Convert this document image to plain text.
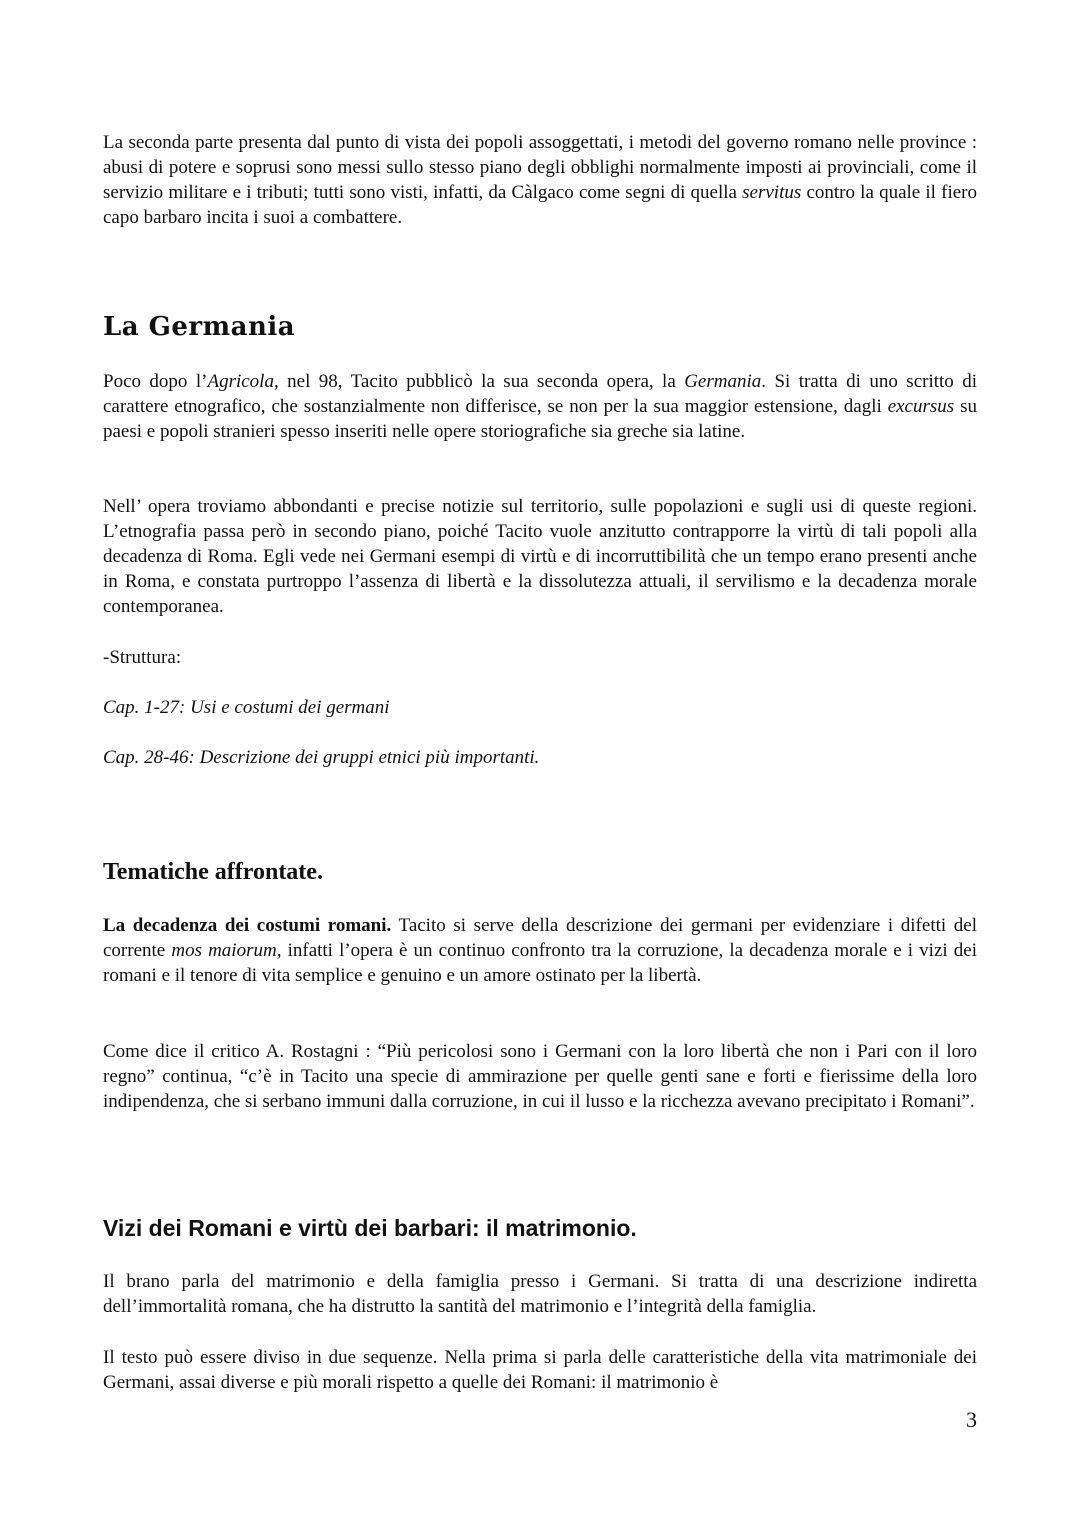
La seconda parte presenta dal punto di vista dei popoli assoggettati, i metodi del governo romano nelle province : abusi di potere e soprusi sono messi sullo stesso piano degli obblighi normalmente imposti ai provinciali, come il servizio militare e i tributi; tutti sono visti, infatti, da Càlgaco come segni di quella servitus contro la quale il fiero capo barbaro incita i suoi a combattere.

La Germania

Poco dopo l’Agricola, nel 98, Tacito pubblicò la sua seconda opera, la Germania. Si tratta di uno scritto di carattere etnografico, che sostanzialmente non differisce, se non per la sua maggior estensione, dagli excursus su paesi e popoli stranieri spesso inseriti nelle opere storiografiche sia greche sia latine.

Nell’ opera troviamo abbondanti e precise notizie sul territorio, sulle popolazioni e sugli usi di queste regioni. L’etnografia passa però in secondo piano, poiché Tacito vuole anzitutto contrapporre la virtù di tali popoli alla decadenza di Roma. Egli vede nei Germani esempi di virtù e di incorruttibilità che un tempo erano presenti anche in Roma, e constata purtroppo l’assenza di libertà e la dissolutezza attuali, il servilismo e la decadenza morale contemporanea.

-Struttura:

Cap. 1-27: Usi e costumi dei germani

Cap. 28-46: Descrizione dei gruppi etnici più importanti.

Tematiche affrontate.

La decadenza dei costumi romani. Tacito si serve della descrizione dei germani per evidenziare i difetti del corrente mos maiorum, infatti l’opera è un continuo confronto tra la corruzione, la decadenza morale e i vizi dei romani e il tenore di vita semplice e genuino e un amore ostinato per la libertà.

Come dice il critico A. Rostagni : “Più pericolosi sono i Germani con la loro libertà che non i Pari con il loro regno” continua, “c’è in Tacito una specie di ammirazione per quelle genti sane e forti e fierissime della loro indipendenza, che si serbano immuni dalla corruzione, in cui il lusso e la ricchezza avevano precipitato i Romani”.

Vizi dei Romani e virtù dei barbari: il matrimonio.

Il brano parla del matrimonio e della famiglia presso i Germani. Si tratta di una descrizione indiretta dell’immortalità romana, che ha distrutto la santità del matrimonio e l’integrità della famiglia.

Il testo può essere diviso in due sequenze. Nella prima si parla delle caratteristiche della vita matrimoniale dei Germani, assai diverse e più morali rispetto a quelle dei Romani: il matrimonio è

3
